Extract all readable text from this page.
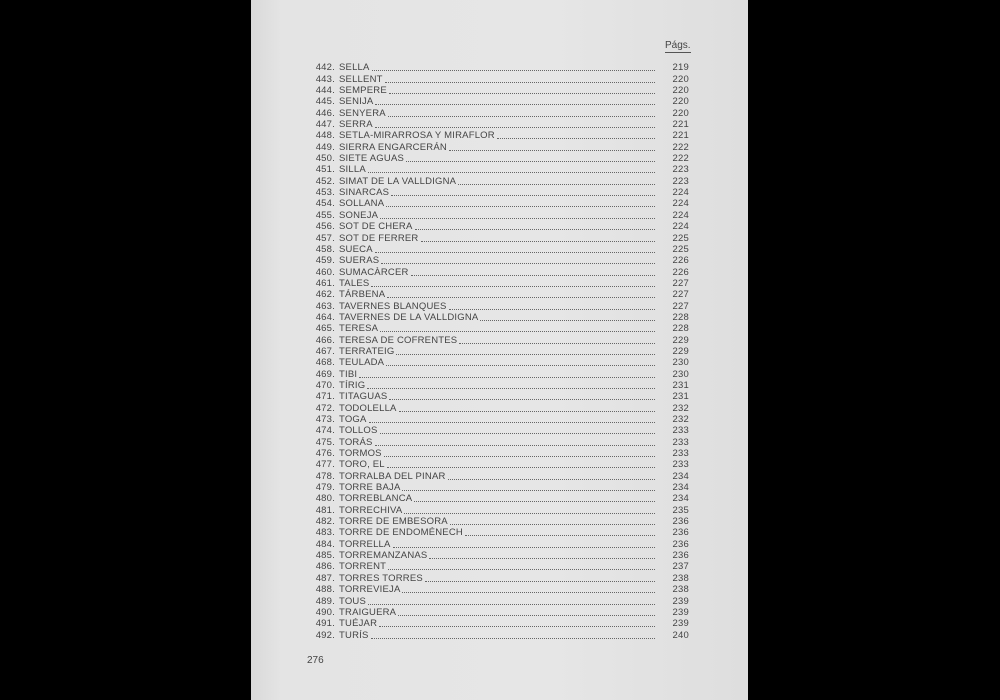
Págs.
442. SELLA	219
443. SELLENT	220
444. SEMPERE	220
445. SENIJA	220
446. SENYERA	220
447. SERRA	221
448. SETLA-MIRARROSA Y MIRAFLOR	221
449. SIERRA ENGARCERÁN	222
450. SIETE AGUAS	222
451. SILLA	223
452. SIMAT DE LA VALLDIGNA	223
453. SINARCAS	224
454. SOLLANA	224
455. SONEJA	224
456. SOT DE CHERA	224
457. SOT DE FERRER	225
458. SUECA	225
459. SUERAS	226
460. SUMACÀRCER	226
461. TALES	227
462. TÁRBENA	227
463. TAVERNES BLANQUES	227
464. TAVERNES DE LA VALLDIGNA	228
465. TERESA	228
466. TERESA DE COFRENTES	229
467. TERRATEIG	229
468. TEULADA	230
469. TIBI	230
470. TÍRIG	231
471. TITAGUAS	231
472. TODOLELLA	232
473. TOGA	232
474. TOLLOS	233
475. TORÁS	233
476. TORMOS	233
477. TORO, EL	233
478. TORRALBA DEL PINAR	234
479. TORRE BAJA	234
480. TORREBLANCA	234
481. TORRECHIVA	235
482. TORRE DE EMBESORA	236
483. TORRE DE ENDOMÉNECH	236
484. TORRELLA	236
485. TORREMANZANAS	236
486. TORRENT	237
487. TORRES TORRES	238
488. TORREVIEJA	238
489. TOUS	239
490. TRAIGUERA	239
491. TUÉJAR	239
492. TURÍS	240
276
